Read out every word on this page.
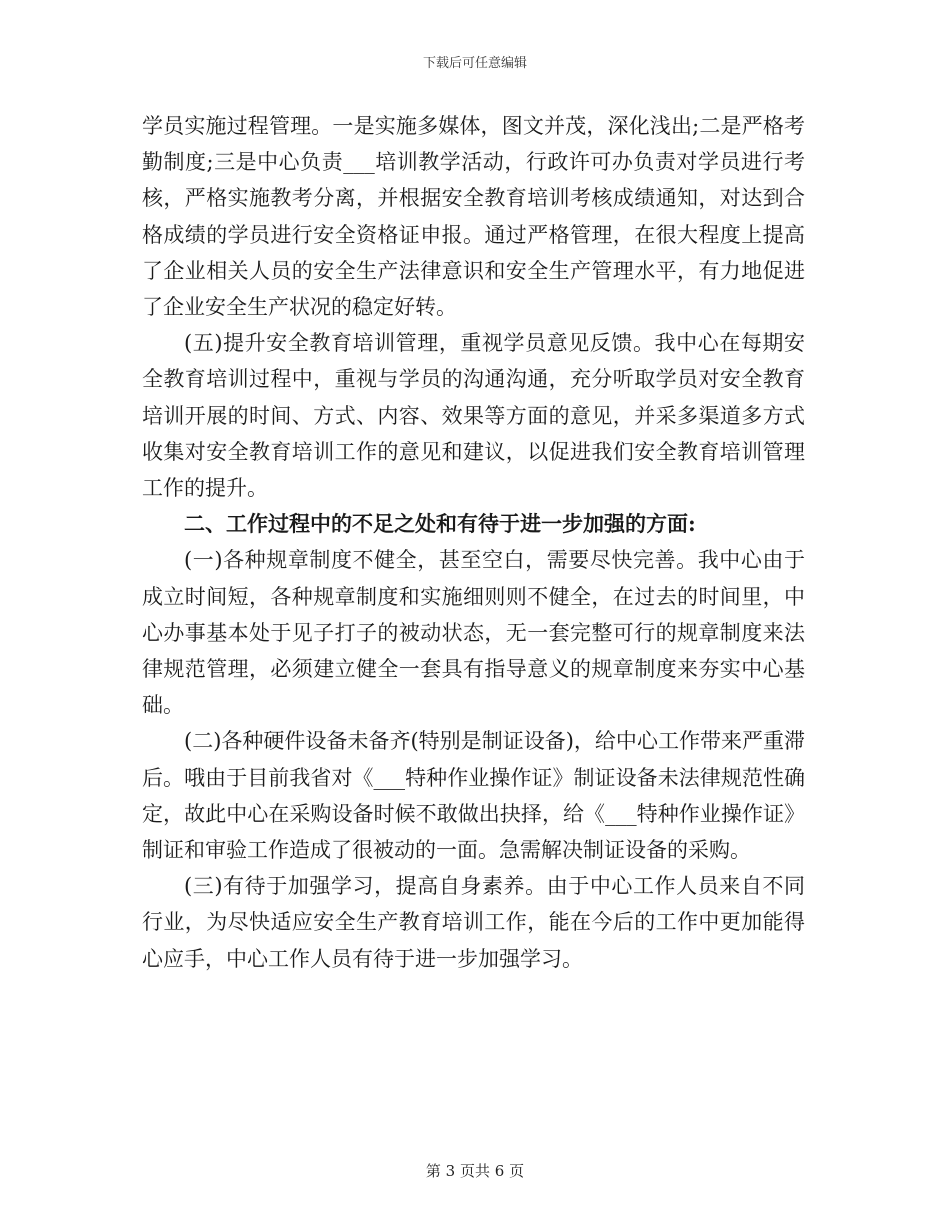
下载后可任意编辑

学员实施过程管理。一是实施多媒体，图文并茂，深化浅出;二是严格考勤制度;三是中心负责___培训教学活动，行政许可办负责对学员进行考核，严格实施教考分离，并根据安全教育培训考核成绩通知，对达到合格成绩的学员进行安全资格证申报。通过严格管理，在很大程度上提高了企业相关人员的安全生产法律意识和安全生产管理水平，有力地促进了企业安全生产状况的稳定好转。

(五)提升安全教育培训管理，重视学员意见反馈。我中心在每期安全教育培训过程中，重视与学员的沟通沟通，充分听取学员对安全教育培训开展的时间、方式、内容、效果等方面的意见，并采多渠道多方式收集对安全教育培训工作的意见和建议，以促进我们安全教育培训管理工作的提升。

二、工作过程中的不足之处和有待于进一步加强的方面:

(一)各种规章制度不健全，甚至空白，需要尽快完善。我中心由于成立时间短，各种规章制度和实施细则则不健全，在过去的时间里，中心办事基本处于见子打子的被动状态，无一套完整可行的规章制度来法律规范管理，必须建立健全一套具有指导意义的规章制度来夯实中心基础。

(二)各种硬件设备未备齐(特别是制证设备)，给中心工作带来严重滞后。哦由于目前我省对《___特种作业操作证》制证设备未法律规范性确定，故此中心在采购设备时候不敢做出抉择，给《___特种作业操作证》制证和审验工作造成了很被动的一面。急需解决制证设备的采购。

(三)有待于加强学习，提高自身素养。由于中心工作人员来自不同行业，为尽快适应安全生产教育培训工作，能在今后的工作中更加能得心应手，中心工作人员有待于进一步加强学习。

第 3 页共 6 页
